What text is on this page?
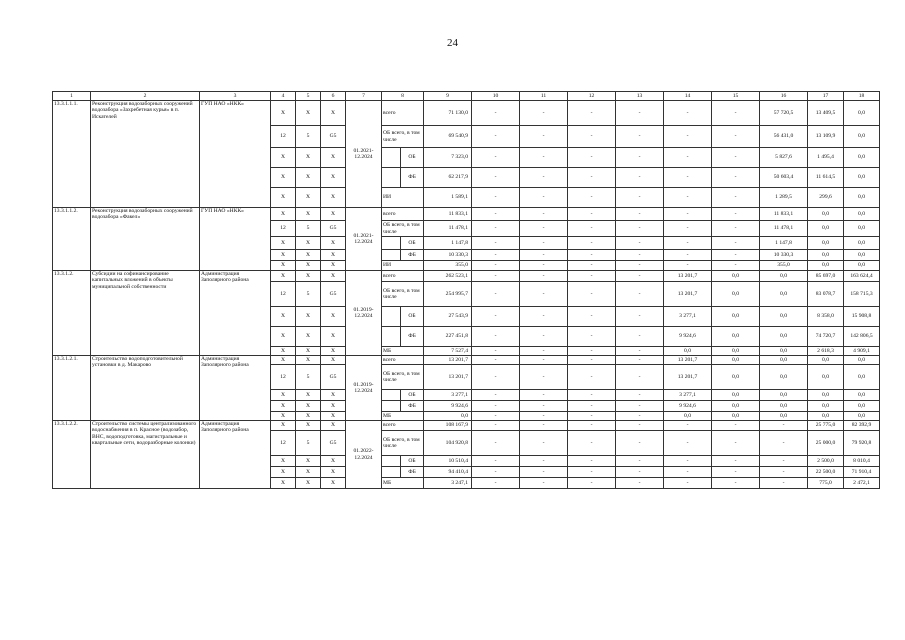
24
1	2	3	4	5	6	7	8		9	10	11	12	13	14	15	16	17	18
13.3.1.1.1.	Реконструкция водозаборных сооружений водозабора «Захребетная курья» в п. Искателей	ГУП НАО «НКК»	X	X	X	01.2021-12.2024	всего		71 130,0	-	-	-	-	-	-	57 720,5	13 409,5	0,0
			12	5	G5		ОБ всего, в том числе		69 540,9	-	-	-	-	-	-	56 431,0	13 109,9	0,0
			X	X	X			ОБ	7 323,0	-	-	-	-	-	-	5 827,6	1 495,4	0,0
			X	X	X			ФБ	62 217,9	-	-	-	-	-	-	50 603,4	11 614,5	0,0
			X	X	X		ИИ		1 589,1	-	-	-	-	-	-	1 289,5	299,6	0,0
13.3.1.1.2.	Реконструкция водозаборных сооружений водозабора «Факел»	ГУП НАО «НКК»	X	X	X	01.2021-12.2024	всего		11 833,1	-	-	-	-	-	-	11 833,1	0,0	0,0
			12	5	G5		ОБ всего, в том числе		11 478,1	-	-	-	-	-	-	11 478,1	0,0	0,0
			X	X	X			ОБ	1 147,8	-	-	-	-	-	-	1 147,8	0,0	0,0
			X	X	X			ФБ	10 330,3	-	-	-	-	-	-	10 330,3	0,0	0,0
			X	X	X		ИИ		355,0	-	-	-	-	-	-	355,0	0,0	0,0
13.3.1.2.	Субсидии на софинансирование капитальных вложений в объекты муниципальной собственности	Администрация Заполярного района	X	X	X	01.2019-12.2024	всего		262 523,1	-	-	-	-	13 201,7	0,0	0,0	85 697,0	163 624,4
			12	5	G5		ОБ всего, в том числе		254 995,7	-	-	-	-	13 201,7	0,0	0,0	83 078,7	158 715,3
			X	X	X			ОБ	27 543,9	-	-	-	-	3 277,1	0,0	0,0	8 358,0	15 908,8
			X	X	X			ФБ	227 451,8	-	-	-	-	9 924,6	0,0	0,0	74 720,7	142 806,5
			X	X	X		МБ		7 527,4	-	-	-	-	0,0	0,0	0,0	2 618,3	4 909,1
13.3.1.2.1.	Строительство водоподготовительной установки в д. Макарово	Администрация Заполярного района	X	X	X	01.2019-12.2024	всего		13 201,7	-	-	-	-	13 201,7	0,0	0,0	0,0	0,0
			12	5	G5		ОБ всего, в том числе		13 201,7	-	-	-	-	13 201,7	0,0	0,0	0,0	0,0
			X	X	X			ОБ	3 277,1	-	-	-	-	3 277,1	0,0	0,0	0,0	0,0
			X	X	X			ФБ	9 924,6	-	-	-	-	9 924,6	0,0	0,0	0,0	0,0
			X	X	X		МБ		0,0	-	-	-	-	0,0	0,0	0,0	0,0	0,0
13.3.1.2.2.	Строительство системы централизованного водоснабжения в п. Красное (водозабор, ВНС, водоподготовка, магистральные и квартальные сети, водоразборные колонки)	Администрация Заполярного района	X	X	X	01.2022-12.2024	всего		108 167,9	-	-	-	-	-	-	-	25 775,0	82 392,9
			12	5	G5		ОБ всего, в том числе		104 920,8	-	-	-	-	-	-	-	25 000,0	79 920,8
			X	X	X			ОБ	10 510,4	-	-	-	-	-	-	-	2 500,0	8 010,4
			X	X	X			ФБ	94 410,4	-	-	-	-	-	-	-	22 500,0	71 910,4
			X	X	X		МБ		3 247,1	-	-	-	-	-	-	-	775,0	2 472,1
